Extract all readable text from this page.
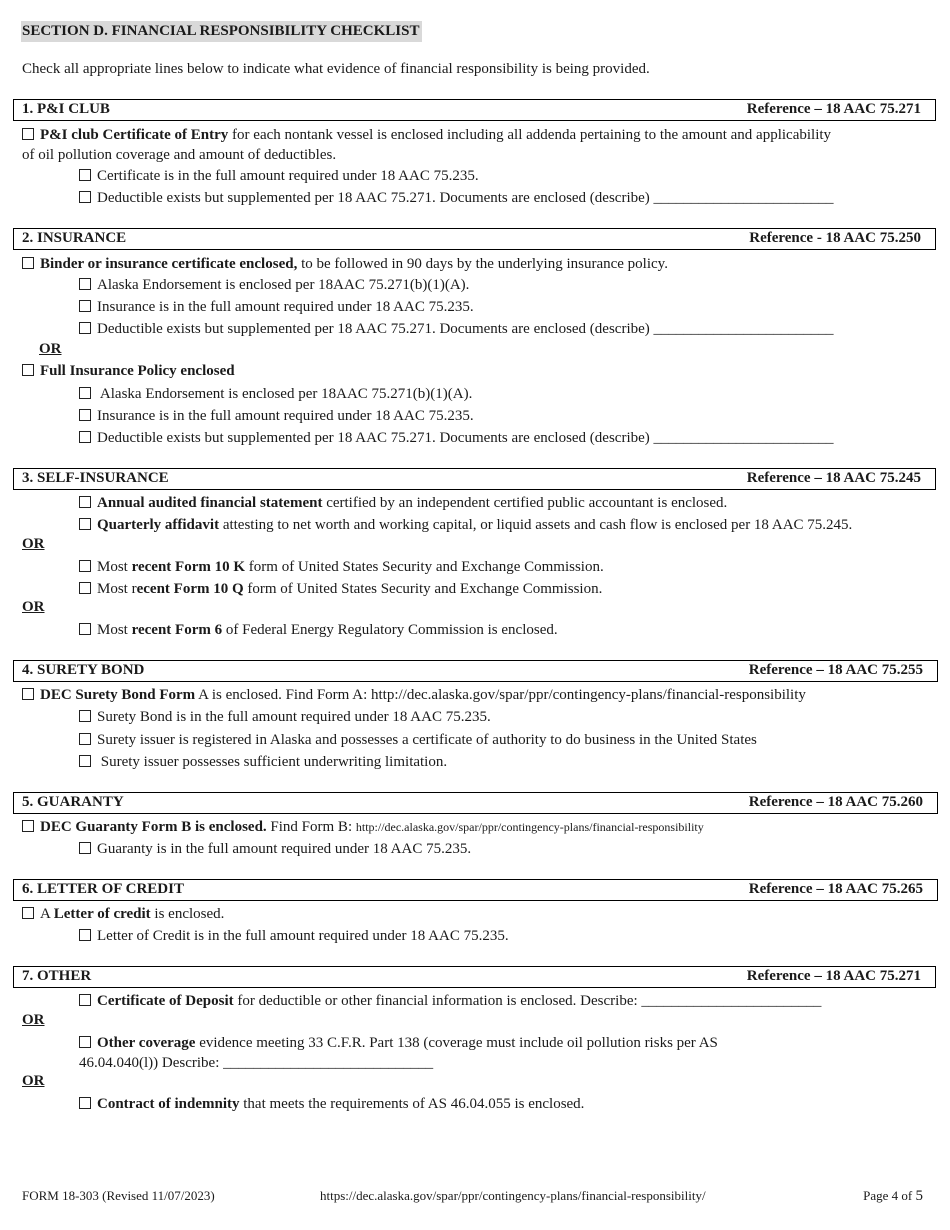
SECTION D. FINANCIAL RESPONSIBILITY CHECKLIST
Check all appropriate lines below to indicate what evidence of financial responsibility is being provided.
1. P&I CLUB	Reference – 18 AAC 75.271
P&I club Certificate of Entry for each nontank vessel is enclosed including all addenda pertaining to the amount and applicability
of oil pollution coverage and amount of deductibles.
Certificate is in the full amount required under 18 AAC 75.235.
Deductible exists but supplemented per 18 AAC 75.271. Documents are enclosed (describe) ________________________
2. INSURANCE	Reference - 18 AAC 75.250
Binder or insurance certificate enclosed, to be followed in 90 days by the underlying insurance policy.
Alaska Endorsement is enclosed per 18AAC 75.271(b)(1)(A).
Insurance is in the full amount required under 18 AAC 75.235.
Deductible exists but supplemented per 18 AAC 75.271. Documents are enclosed (describe) ________________________
OR
Full Insurance Policy enclosed
Alaska Endorsement is enclosed per 18AAC 75.271(b)(1)(A).
Insurance is in the full amount required under 18 AAC 75.235.
Deductible exists but supplemented per 18 AAC 75.271. Documents are enclosed (describe) ________________________
3. SELF-INSURANCE	Reference – 18 AAC 75.245
Annual audited financial statement certified by an independent certified public accountant is enclosed.
Quarterly affidavit attesting to net worth and working capital, or liquid assets and cash flow is enclosed per 18 AAC 75.245.
OR
Most recent Form 10 K form of United States Security and Exchange Commission.
Most recent Form 10 Q form of United States Security and Exchange Commission.
OR
Most recent Form 6 of Federal Energy Regulatory Commission is enclosed.
4. SURETY BOND	Reference – 18 AAC 75.255
DEC Surety Bond Form A is enclosed. Find Form A: http://dec.alaska.gov/spar/ppr/contingency-plans/financial-responsibility
Surety Bond is in the full amount required under 18 AAC 75.235.
Surety issuer is registered in Alaska and possesses a certificate of authority to do business in the United States
Surety issuer possesses sufficient underwriting limitation.
5. GUARANTY	Reference – 18 AAC 75.260
DEC Guaranty Form B is enclosed. Find Form B: http://dec.alaska.gov/spar/ppr/contingency-plans/financial-responsibility
Guaranty is in the full amount required under 18 AAC 75.235.
6. LETTER OF CREDIT	Reference – 18 AAC 75.265
A Letter of credit is enclosed.
Letter of Credit is in the full amount required under 18 AAC 75.235.
7. OTHER	Reference – 18 AAC 75.271
Certificate of Deposit for deductible or other financial information is enclosed. Describe: ________________________
OR
Other coverage evidence meeting 33 C.F.R. Part 138 (coverage must include oil pollution risks per AS
46.04.040(l)) Describe: ____________________________
OR
Contract of indemnity that meets the requirements of AS 46.04.055 is enclosed.
FORM 18-303 (Revised 11/07/2023)	https://dec.alaska.gov/spar/ppr/contingency-plans/financial-responsibility/	Page 4 of 5
